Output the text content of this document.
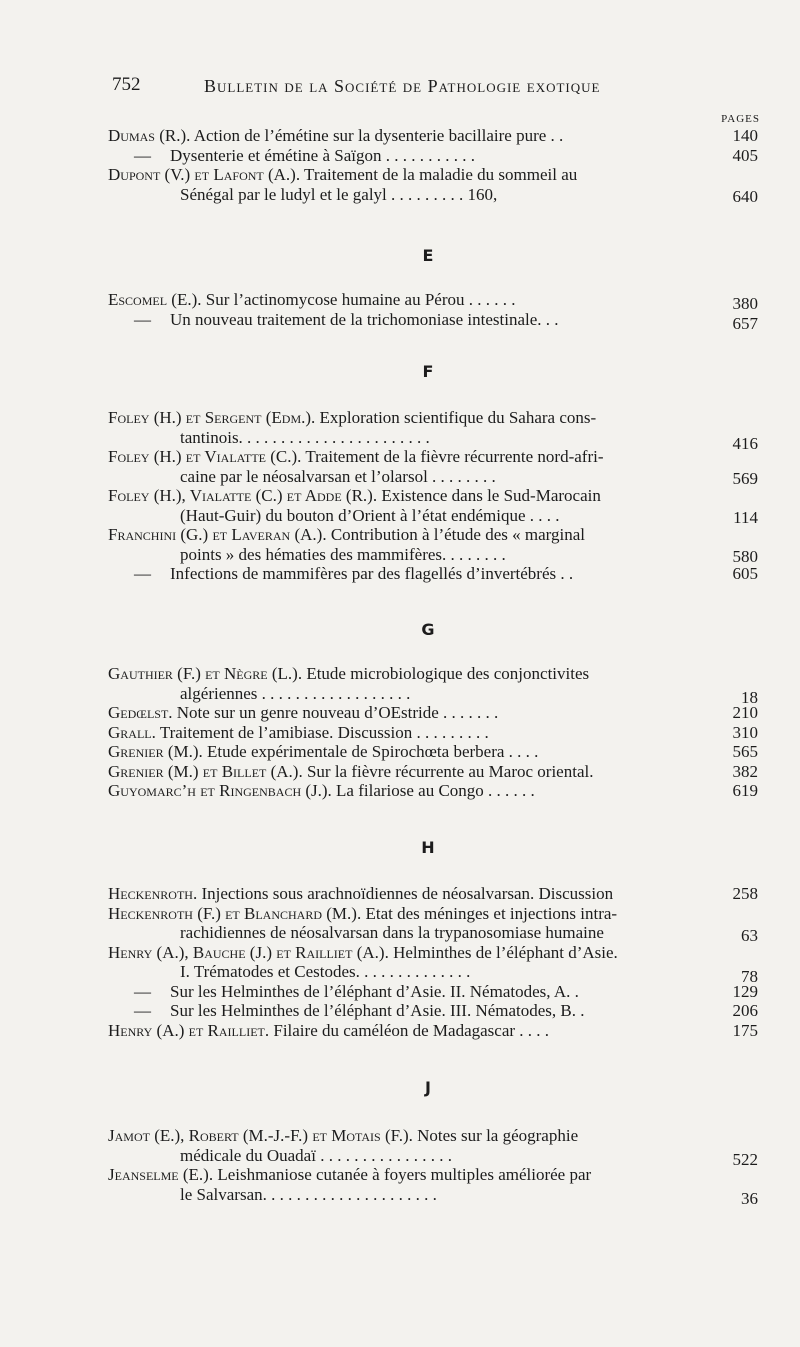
752	Bulletin de la Société de Pathologie exotique
PAGES
Dumas (R.). Action de l’émétine sur la dysenterie bacillaire pure . .	140
— Dysenterie et émétine à Saïgon . . . . . . . . . . .	405
Dupont (V.) et Lafont (A.). Traitement de la maladie du sommeil au
Sénégal par le ludyl et le galyl . . . . . . . . . 160,	640
E
Escomel (E.). Sur l’actinomycose humaine au Pérou . . . . . .	380
— Un nouveau traitement de la trichomoniase intestinale. . .	657
F
Foley (H.) et Sergent (Edm.). Exploration scientifique du Sahara cons-
tantinois. . . . . . . . . . . . . . . . . . . . . . .	416
Foley (H.) et Vialatte (C.). Traitement de la fièvre récurrente nord-afri-
caine par le néosalvarsan et l’olarsol . . . . . . . .	569
Foley (H.), Vialatte (C.) et Adde (R.). Existence dans le Sud-Marocain
(Haut-Guir) du bouton d’Orient à l’état endémique . . . .	114
Franchini (G.) et Laveran (A.). Contribution à l’étude des « marginal
points » des hématies des mammifères. . . . . . . .	580
— Infections de mammifères par des flagellés d’invertébrés . .	605
G
Gauthier (F.) et Nègre (L.). Etude microbiologique des conjonctivites
algériennes . . . . . . . . . . . . . . . . . .	18
Gedœlst. Note sur un genre nouveau d’OEstride . . . . . . .	210
Grall. Traitement de l’amibiase. Discussion . . . . . . . . .	310
Grenier (M.). Etude expérimentale de Spirochœta berbera . . . .	565
Grenier (M.) et Billet (A.). Sur la fièvre récurrente au Maroc oriental.	382
Guyomarc’h et Ringenbach (J.). La filariose au Congo . . . . . .	619
H
Heckenroth. Injections sous arachnoïdiennes de néosalvarsan. Discussion	258
Heckenroth (F.) et Blanchard (M.). Etat des méninges et injections intra-
rachidiennes de néosalvarsan dans la trypanosomiase humaine	63
Henry (A.), Bauche (J.) et Railliet (A.). Helminthes de l’éléphant d’Asie.
I. Trématodes et Cestodes. . . . . . . . . . . . . .	78
— Sur les Helminthes de l’éléphant d’Asie. II. Nématodes, A. .	129
— Sur les Helminthes de l’éléphant d’Asie. III. Nématodes, B. .	206
Henry (A.) et Railliet. Filaire du caméléon de Madagascar . . . .	175
J
Jamot (E.), Robert (M.-J.-F.) et Motais (F.). Notes sur la géographie
médicale du Ouadaï . . . . . . . . . . . . . . . .	522
Jeanselme (E.). Leishmaniose cutanée à foyers multiples améliorée par
le Salvarsan. . . . . . . . . . . . . . . . . . . . .	36
